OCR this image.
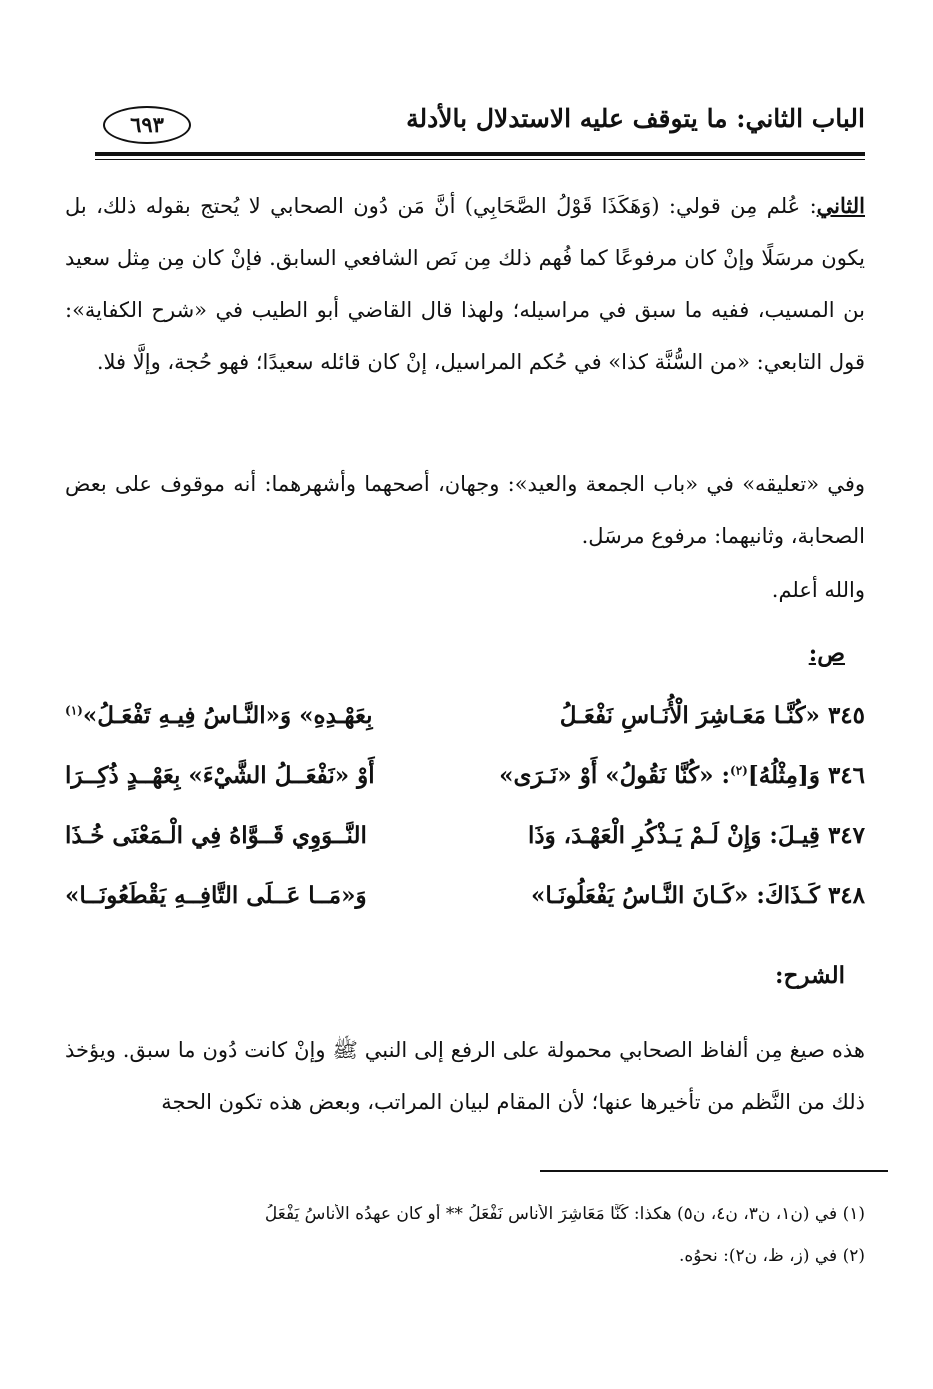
الباب الثاني: ما يتوقف عليه الاستدلال بالأدلة
٦٩٣

الثاني: عُلم مِن قولي: (وَهَكَذَا قَوْلُ الصَّحَابِي) أنَّ مَن دُون الصحابي لا يُحتج بقوله ذلك، بل يكون مرسَلًا وإنْ كان مرفوعًا كما فُهم ذلك مِن نَص الشافعي السابق. فإنْ كان مِن مِثل سعيد بن المسيب، ففيه ما سبق في مراسيله؛ ولهذا قال القاضي أبو الطيب في «شرح الكفاية»: قول التابعي: «من السُّنَّة كذا» في حُكم المراسيل، إنْ كان قائله سعيدًا؛ فهو حُجة، وإلَّا فلا.

وفي «تعليقه» في «باب الجمعة والعيد»: وجهان، أصحهما وأشهرهما: أنه موقوف على بعض الصحابة، وثانيهما: مرفوع مرسَل.

والله أعلم.

ص:
٣٤٥ «كُنَّـا مَعَـاشِرَ الْأُنَـاسِ نَفْعَـلُ
بِعَهْـدِهِ» وَ«النَّـاسُ فِيـهِ تَفْعَـلُ»$^{(١)}$
٣٤٦ وَ[مِثْلُهُ]$^{(٢)}$: «كُنَّا نَقُولُ» أَوْ «نَـرَى»
أَوْ «نَفْعَــلُ الشَّيْءَ» بِعَهْــدٍ ذُكِــرَا
٣٤٧ قِيـلَ: وَإِنْ لَـمْ يَـذْكُرِ الْعَهْـدَ، وَذَا
النَّــوَوِي قَــوَّاهُ فِي الْـمَعْنَى خُـذَا
٣٤٨ كَـذَاكَ: «كَـانَ النَّـاسُ يَفْعَلُونَـا»
وَ«مَــا عَــلَى التَّافِــهِ يَقْطَعُونَــا»
الشرح:

هذه صيغ مِن ألفاظ الصحابي محمولة على الرفع إلى النبي ﷺ وإنْ كانت دُون ما سبق. ويؤخذ ذلك من النَّظم من تأخيرها عنها؛ لأن المقام لبيان المراتب، وبعض هذه تكون الحجة

(١) في (ن١، ن٣، ن٤، ن٥) هكذا: كُنَّا مَعَاشِرَ الأناسِ نَفْعَلُ ** أو كان عهدُه الأناسُ يَفْعَلُ
(٢) في (ز، ظ، ن٢): نحوُه.
